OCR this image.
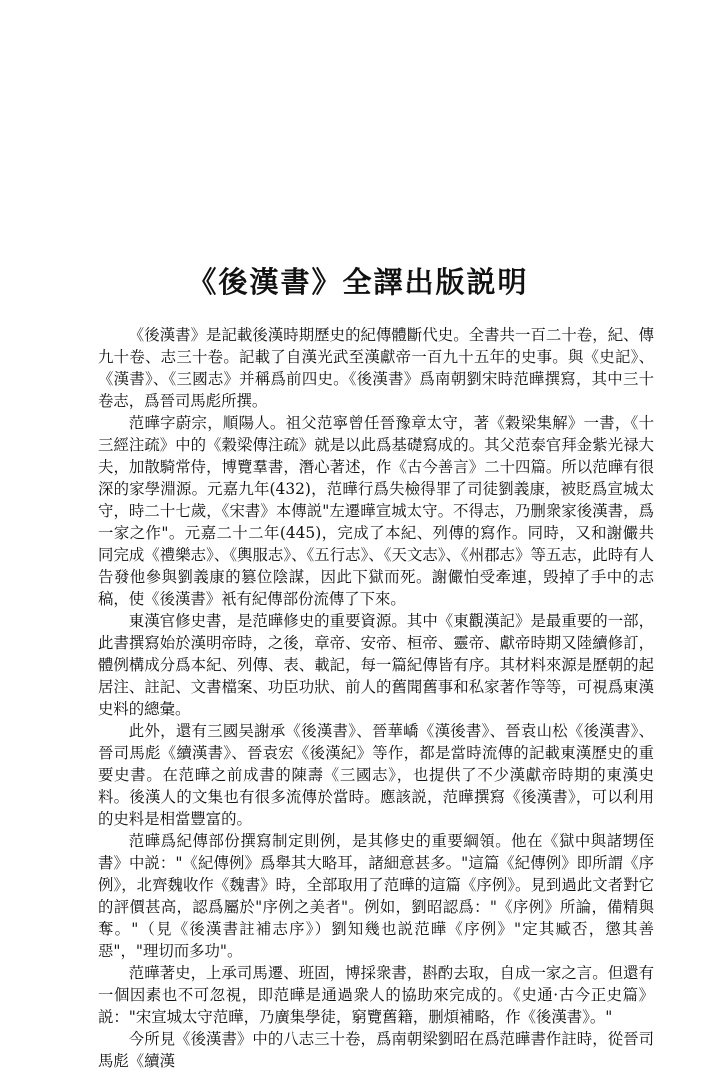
《後漢書》全譯出版説明

《後漢書》是記載後漢時期歷史的紀傳體斷代史。全書共一百二十卷，紀、傳九十卷、志三十卷。記載了自漢光武至漢獻帝一百九十五年的史事。與《史記》、《漢書》、《三國志》并稱爲前四史。《後漢書》爲南朝劉宋時范曄撰寫，其中三十卷志，爲晉司馬彪所撰。

范曄字蔚宗，順陽人。祖父范寧曾任晉豫章太守，著《穀梁集解》一書，《十三經注疏》中的《穀梁傳注疏》就是以此爲基礎寫成的。其父范泰官拜金紫光禄大夫，加散騎常侍，博覽羣書，潛心著述，作《古今善言》二十四篇。所以范曄有很深的家學淵源。元嘉九年(432)，范曄行爲失檢得罪了司徒劉義康，被貶爲宣城太守，時二十七歲，《宋書》本傳説"左遷曄宣城太守。不得志，乃删衆家後漢書，爲一家之作"。元嘉二十二年(445)，完成了本紀、列傳的寫作。同時，又和謝儼共同完成《禮樂志》、《輿服志》、《五行志》、《天文志》、《州郡志》等五志，此時有人告發他參與劉義康的篡位陰謀，因此下獄而死。謝儼怕受牽連，毁掉了手中的志稿，使《後漢書》衹有紀傳部份流傳了下來。

東漢官修史書，是范曄修史的重要資源。其中《東觀漢記》是最重要的一部，此書撰寫始於漢明帝時，之後，章帝、安帝、桓帝、靈帝、獻帝時期又陸續修訂，體例構成分爲本紀、列傳、表、載記，每一篇紀傳皆有序。其材料來源是歷朝的起居注、註記、文書檔案、功臣功狀、前人的舊聞舊事和私家著作等等，可視爲東漢史料的總彙。

此外，還有三國吴謝承《後漢書》、晉華嶠《漢後書》、晉袁山松《後漢書》、晉司馬彪《續漢書》、晉袁宏《後漢紀》等作，都是當時流傳的記載東漢歷史的重要史書。在范曄之前成書的陳壽《三國志》，也提供了不少漢獻帝時期的東漢史料。後漢人的文集也有很多流傳於當時。應該説，范曄撰寫《後漢書》，可以利用的史料是相當豐富的。

范曄爲紀傳部份撰寫制定則例，是其修史的重要綱領。他在《獄中與諸甥侄書》中説："《紀傳例》爲舉其大略耳，諸細意甚多。"這篇《紀傳例》即所謂《序例》，北齊魏收作《魏書》時，全部取用了范曄的這篇《序例》。見到過此文者對它的評價甚高，認爲屬於"序例之美者"。例如，劉昭認爲："《序例》所論，備精與奪。"（見《後漢書註補志序》）劉知幾也説范曄《序例》"定其臧否，懲其善惡"，"理切而多功"。

范曄著史，上承司馬遷、班固，博採衆書，斟酌去取，自成一家之言。但還有一個因素也不可忽視，即范曄是通過衆人的協助來完成的。《史通·古今正史篇》説："宋宣城太守范曄，乃廣集學徒，窮覽舊籍，删煩補略，作《後漢書》。"

今所見《後漢書》中的八志三十卷，爲南朝梁劉昭在爲范曄書作註時，從晉司馬彪《續漢
